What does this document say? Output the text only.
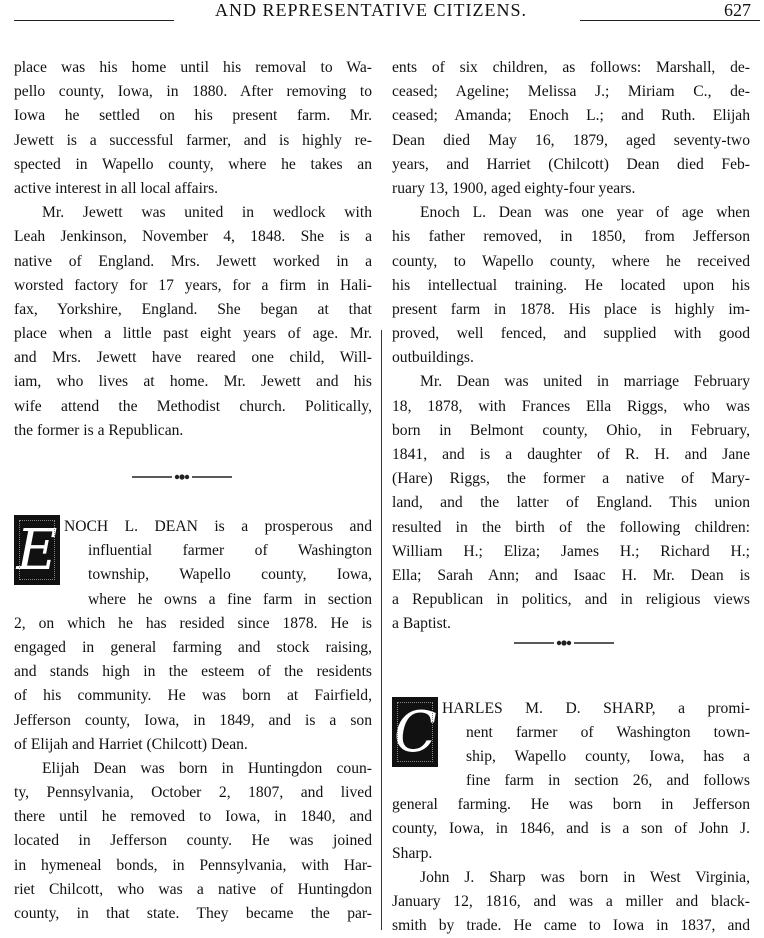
AND REPRESENTATIVE CITIZENS.	627
place was his home until his removal to Wa-
pello county, Iowa, in 1880. After removing to
Iowa he settled on his present farm. Mr.
Jewett is a successful farmer, and is highly re-
spected in Wapello county, where he takes an
active interest in all local affairs.
Mr. Jewett was united in wedlock with
Leah Jenkinson, November 4, 1848. She is a
native of England. Mrs. Jewett worked in a
worsted factory for 17 years, for a firm in Hali-
fax, Yorkshire, England. She began at that
place when a little past eight years of age. Mr.
and Mrs. Jewett have reared one child, Will-
iam, who lives at home. Mr. Jewett and his
wife attend the Methodist church. Politically,
the former is a Republican.
E NOCH L. DEAN is a prosperous and
influential farmer of Washington
township, Wapello county, Iowa,
where he owns a fine farm in section
2, on which he has resided since 1878. He is
engaged in general farming and stock raising,
and stands high in the esteem of the residents
of his community. He was born at Fairfield,
Jefferson county, Iowa, in 1849, and is a son
of Elijah and Harriet (Chilcott) Dean.
Elijah Dean was born in Huntingdon coun-
ty, Pennsylvania, October 2, 1807, and lived
there until he removed to Iowa, in 1840, and
located in Jefferson county. He was joined
in hymeneal bonds, in Pennsylvania, with Har-
riet Chilcott, who was a native of Huntingdon
county, in that state. They became the par-
ents of six children, as follows: Marshall, de-
ceased; Ageline; Melissa J.; Miriam C., de-
ceased; Amanda; Enoch L.; and Ruth. Elijah
Dean died May 16, 1879, aged seventy-two
years, and Harriet (Chilcott) Dean died Feb-
ruary 13, 1900, aged eighty-four years.
Enoch L. Dean was one year of age when
his father removed, in 1850, from Jefferson
county, to Wapello county, where he received
his intellectual training. He located upon his
present farm in 1878. His place is highly im-
proved, well fenced, and supplied with good
outbuildings.
Mr. Dean was united in marriage February
18, 1878, with Frances Ella Riggs, who was
born in Belmont county, Ohio, in February,
1841, and is a daughter of R. H. and Jane
(Hare) Riggs, the former a native of Mary-
land, and the latter of England. This union
resulted in the birth of the following children:
William H.; Eliza; James H.; Richard H.;
Ella; Sarah Ann; and Isaac H. Mr. Dean is
a Republican in politics, and in religious views
a Baptist.
C HARLES M. D. SHARP, a promi-
nent farmer of Washington town-
ship, Wapello county, Iowa, has a
fine farm in section 26, and follows
general farming. He was born in Jefferson
county, Iowa, in 1846, and is a son of John J.
Sharp.
John J. Sharp was born in West Virginia,
January 12, 1816, and was a miller and black-
smith by trade. He came to Iowa in 1837, and
